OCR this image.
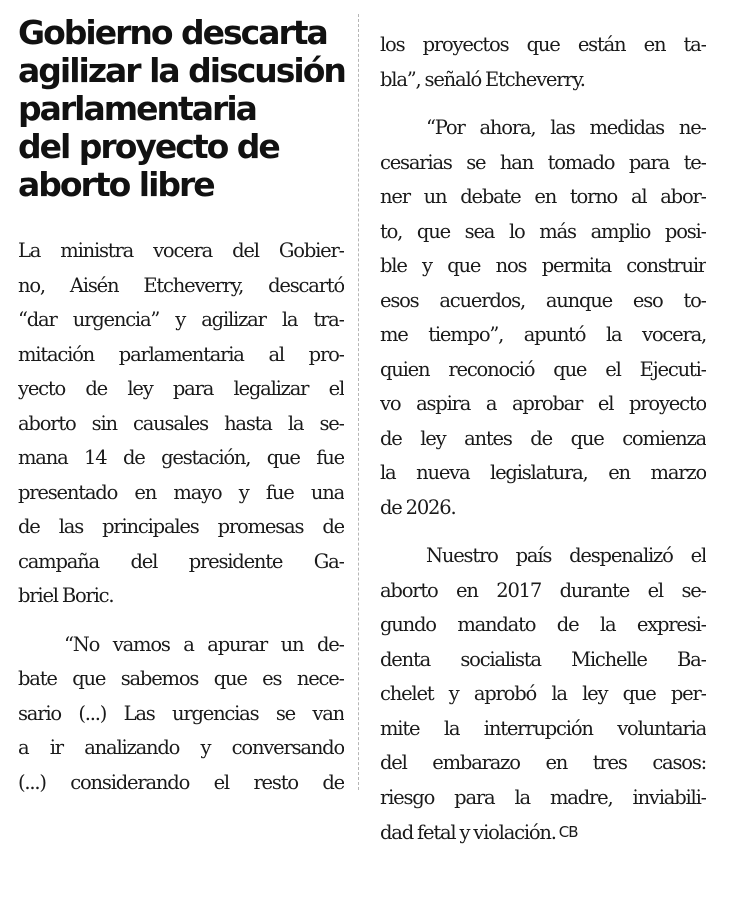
Gobierno descarta
agilizar la discusión
parlamentaria
del proyecto de
aborto libre
La ministra vocera del Gobier-
no, Aisén Etcheverry, descartó
“dar urgencia” y agilizar la tra-
mitación parlamentaria al pro-
yecto de ley para legalizar el
aborto sin causales hasta la se-
mana 14 de gestación, que fue
presentado en mayo y fue una
de las principales promesas de
campaña del presidente Ga-
briel Boric.
“No vamos a apurar un de-
bate que sabemos que es nece-
sario (...) Las urgencias se van
a ir analizando y conversando
(...) considerando el resto de
los proyectos que están en ta-
bla”, señaló Etcheverry.
“Por ahora, las medidas ne-
cesarias se han tomado para te-
ner un debate en torno al abor-
to, que sea lo más amplio posi-
ble y que nos permita construir
esos acuerdos, aunque eso to-
me tiempo”, apuntó la vocera,
quien reconoció que el Ejecuti-
vo aspira a aprobar el proyecto
de ley antes de que comienza
la nueva legislatura, en marzo
de 2026.
Nuestro país despenalizó el
aborto en 2017 durante el se-
gundo mandato de la expresi-
denta socialista Michelle Ba-
chelet y aprobó la ley que per-
mite la interrupción voluntaria
del embarazo en tres casos:
riesgo para la madre, inviabili-
dad fetal y violación. CB
